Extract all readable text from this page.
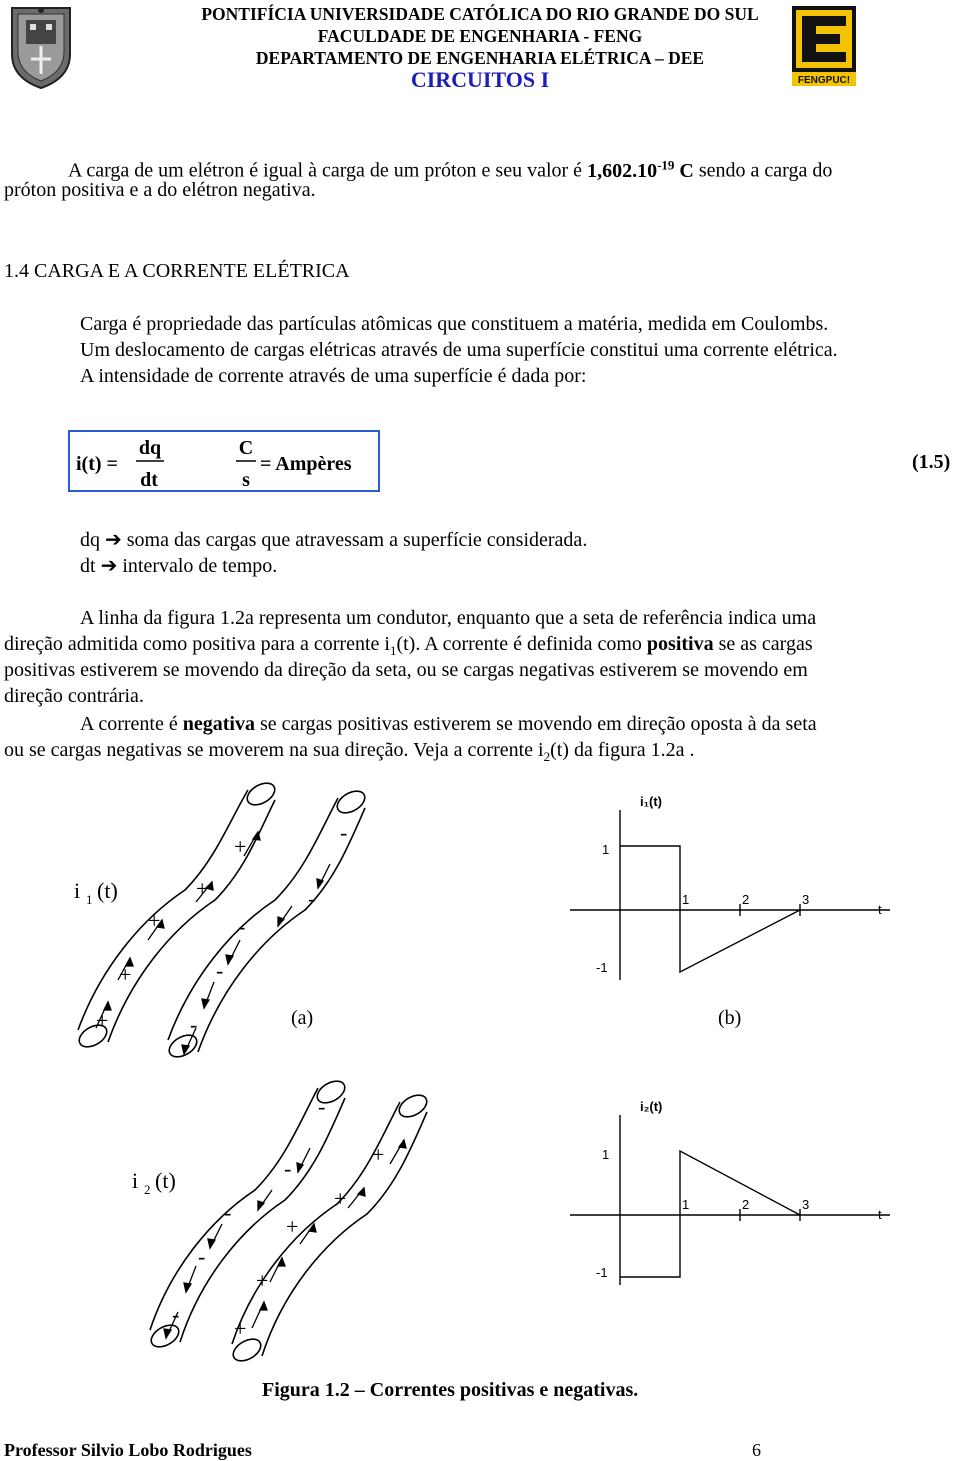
PONTIFÍCIA UNIVERSIDADE CATÓLICA DO RIO GRANDE DO SUL
FACULDADE DE ENGENHARIA - FENG
DEPARTAMENTO DE ENGENHARIA ELÉTRICA – DEE
CIRCUITOS I	FENGPUC!
A carga de um elétron é igual à carga de um próton e seu valor é $1,602.10^{-19}$ C sendo a carga do
próton positiva e a do elétron negativa.
1.4 CARGA E A CORRENTE ELÉTRICA
Carga é propriedade das partículas atômicas que constituem a matéria, medida em Coulombs.
Um deslocamento de cargas elétricas através de uma superfície constitui uma corrente elétrica.
A intensidade de corrente através de uma superfície é dada por:
i(t) =
dq
dt
C
s
= Ampères	(1.5)
dq ➔ soma das cargas que atravessam a superfície considerada.
dt ➔ intervalo de tempo.
A linha da figura 1.2a representa um condutor, enquanto que a seta de referência indica uma
direção admitida como positiva para a corrente $i_1(t)$. A corrente é definida como positiva se as cargas
positivas estiverem se movendo da direção da seta, ou se cargas negativas estiverem se movendo em
direção contrária.
A corrente é negativa se cargas positivas estiverem se movendo em direção oposta à da seta
ou se cargas negativas se moverem na sua direção. Veja a corrente $i_2(t)$ da figura 1.2a .
+
+
+
+
+
-
-
-
-
-
i 1 (t)
(a)	(b)
i₁(t)
1
-1
1	2	3
t
-
-
-
-
-
+
+
+
+
+
i 2 (t)
i₂(t)
1
-1
1	2	3
t
Figura 1.2 – Correntes positivas e negativas.
Professor Silvio Lobo Rodrigues	6
